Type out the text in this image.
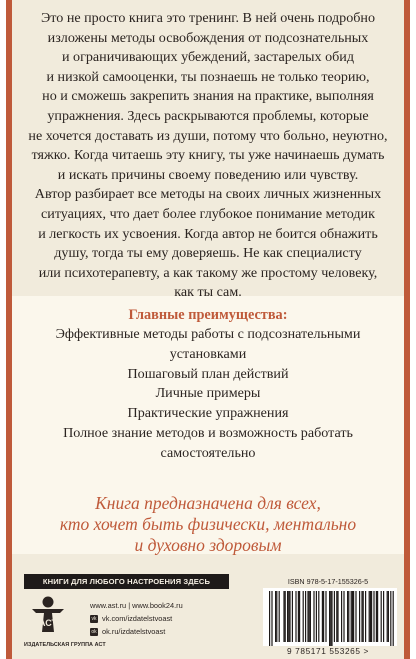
Это не просто книга это тренинг. В ней очень подробно
изложены методы освобождения от подсознательных
и ограничивающих убеждений, застарелых обид
и низкой самооценки, ты познаешь не только теорию,
но и сможешь закрепить знания на практике, выполняя
упражнения. Здесь раскрываются проблемы, которые
не хочется доставать из души, потому что больно, неуютно,
тяжко. Когда читаешь эту книгу, ты уже начинаешь думать
и искать причины своему поведению или чувству.
Автор разбирает все методы на своих личных жизненных
ситуациях, что дает более глубокое понимание методик
и легкость их усвоения. Когда автор не боится обнажить
душу, тогда ты ему доверяешь. Не как специалисту
или психотерапевту, а как такому же простому человеку,
как ты сам.

Главные преимущества:
Эффективные методы работы с подсознательными
установками
Пошаговый план действий
Личные примеры
Практические упражнения
Полное знание методов и возможность работать
самостоятельно
Книга предназначена для всех,
кто хочет быть физически, ментально
и духовно здоровым
КНИГИ ДЛЯ ЛЮБОГО НАСТРОЕНИЯ ЗДЕСЬ
АСТ
ИЗДАТЕЛЬСКАЯ ГРУППА АСТ
www.ast.ru | www.book24.ru
vk vk.com/izdatelstvoast
ok ok.ru/izdatelstvoast
ISBN 978-5-17-155326-5
9 785171 553265 >
